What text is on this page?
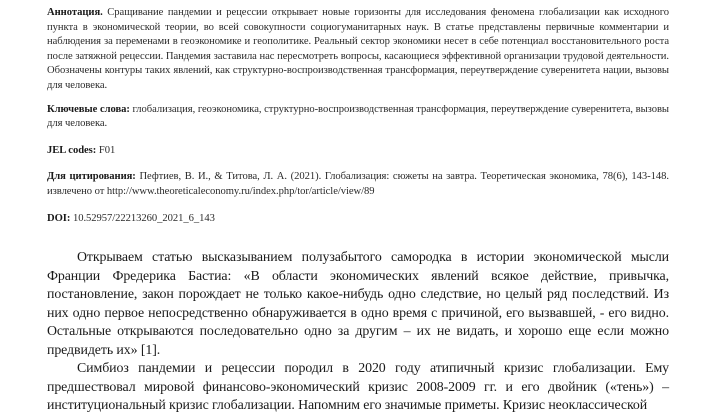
Аннотация. Сращивание пандемии и рецессии открывает новые горизонты для исследования феномена глобализации как исходного пункта в экономической теории, во всей совокупности социогуманитарных наук. В статье представлены первичные комментарии и наблюдения за переменами в геоэкономике и геополитике. Реальный сектор экономики несет в себе потенциал восстановительного роста после затяжной рецессии. Пандемия заставила нас пересмотреть вопросы, касающиеся эффективной организации трудовой деятельности. Обозначены контуры таких явлений, как структурно-воспроизводственная трансформация, переутверждение суверенитета нации, вызовы для человека.
Ключевые слова: глобализация, геоэкономика, структурно-воспроизводственная трансформация, переутверждение суверенитета, вызовы для человека.
JEL codes: F01
Для цитирования: Пефтиев, В. И., & Титова, Л. А. (2021). Глобализация: сюжеты на завтра. Теоретическая экономика, 78(6), 143-148. извлечено от http://www.theoreticaleconomy.ru/index.php/tor/article/view/89
DOI: 10.52957/22213260_2021_6_143

Открываем статью высказыванием полузабытого самородка в истории экономической мысли Франции Фредерика Бастиа: «В области экономических явлений всякое действие, привычка, постановление, закон порождает не только какое-нибудь одно следствие, но целый ряд последствий. Из них одно первое непосредственно обнаруживается в одно время с причиной, его вызвавшей, - его видно. Остальные открываются последовательно одно за другим – их не видать, и хорошо еще если можно предвидеть их» [1].

Симбиоз пандемии и рецессии породил в 2020 году атипичный кризис глобализации. Ему предшествовал мировой финансово-экономический кризис 2008-2009 гг. и его двойник («тень») – институциональный кризис глобализации. Напомним его значимые приметы. Кризис неоклассической
